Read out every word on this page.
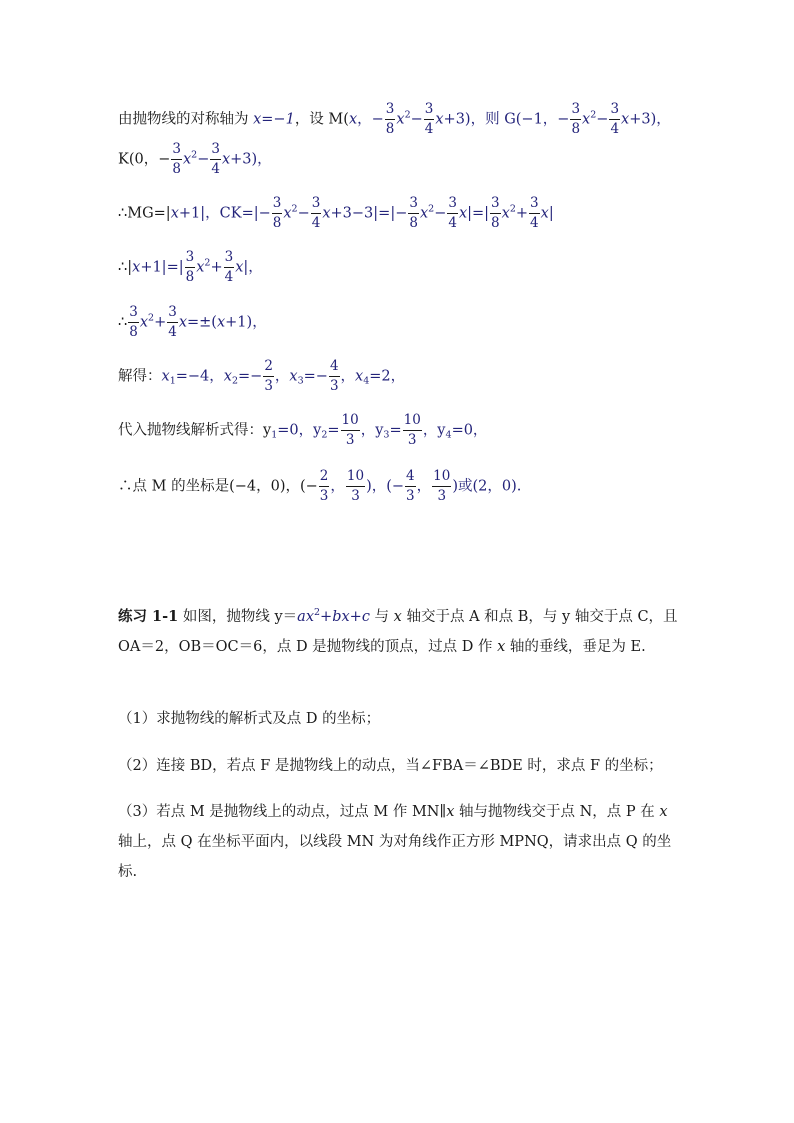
由抛物线的对称轴为 x=−1，设 M(x，− $\frac{3}{8} x^2- \frac{3}{4} x+3$)，则 G(−1，− $\frac{3}{8} x^2- \frac{3}{4} x+3$)，
K(0，− $\frac{3}{8} x^2- \frac{3}{4} x+3$)，
∴MG=|x+1|，$CK=|- \frac{3}{8} x^2- \frac{3}{4} x+3-3|=|- \frac{3}{8} x^2- \frac{3}{4} x|=| \frac{3}{8} x^2+ \frac{3}{4} x|$
∴|x+1|=| $\frac{3}{8} x^2+ \frac{3}{4} x|$，
∴ $\frac{3}{8} x^2+ \frac{3}{4} x=\pm(x+1)$，
解得：$x_1=-4$，$x_2=- \frac{2}{3}$ ，$x_3=- \frac{4}{3}$ ，$x_4=2$，
代入抛物线解析式得：$y_1=0$，$y_2= \frac{10}{3}$ ，$y_3= \frac{10}{3}$ ，$y_4=0$，
∴点 M 的坐标是(−4，0)，(− $\frac{2}{3}$ ， $\frac{10}{3}$ )，(− $\frac{4}{3}$ ， $\frac{10}{3}$ )或(2，0).
练习 1-1 如图，抛物线 $y=ax^2+bx+c$ 与 x 轴交于点 A 和点 B，与 y 轴交于点 C，且 OA＝2，OB＝OC＝6，点 D 是抛物线的顶点，过点 D 作 x 轴的垂线，垂足为 E.
（1）求抛物线的解析式及点 D 的坐标；
（2）连接 BD，若点 F 是抛物线上的动点，当∠FBA＝∠BDE 时，求点 F 的坐标；
（3）若点 M 是抛物线上的动点，过点 M 作 MN∥x 轴与抛物线交于点 N，点 P 在 x 轴上，点 Q 在坐标平面内，以线段 MN 为对角线作正方形 MPNQ，请求出点 Q 的坐标.
